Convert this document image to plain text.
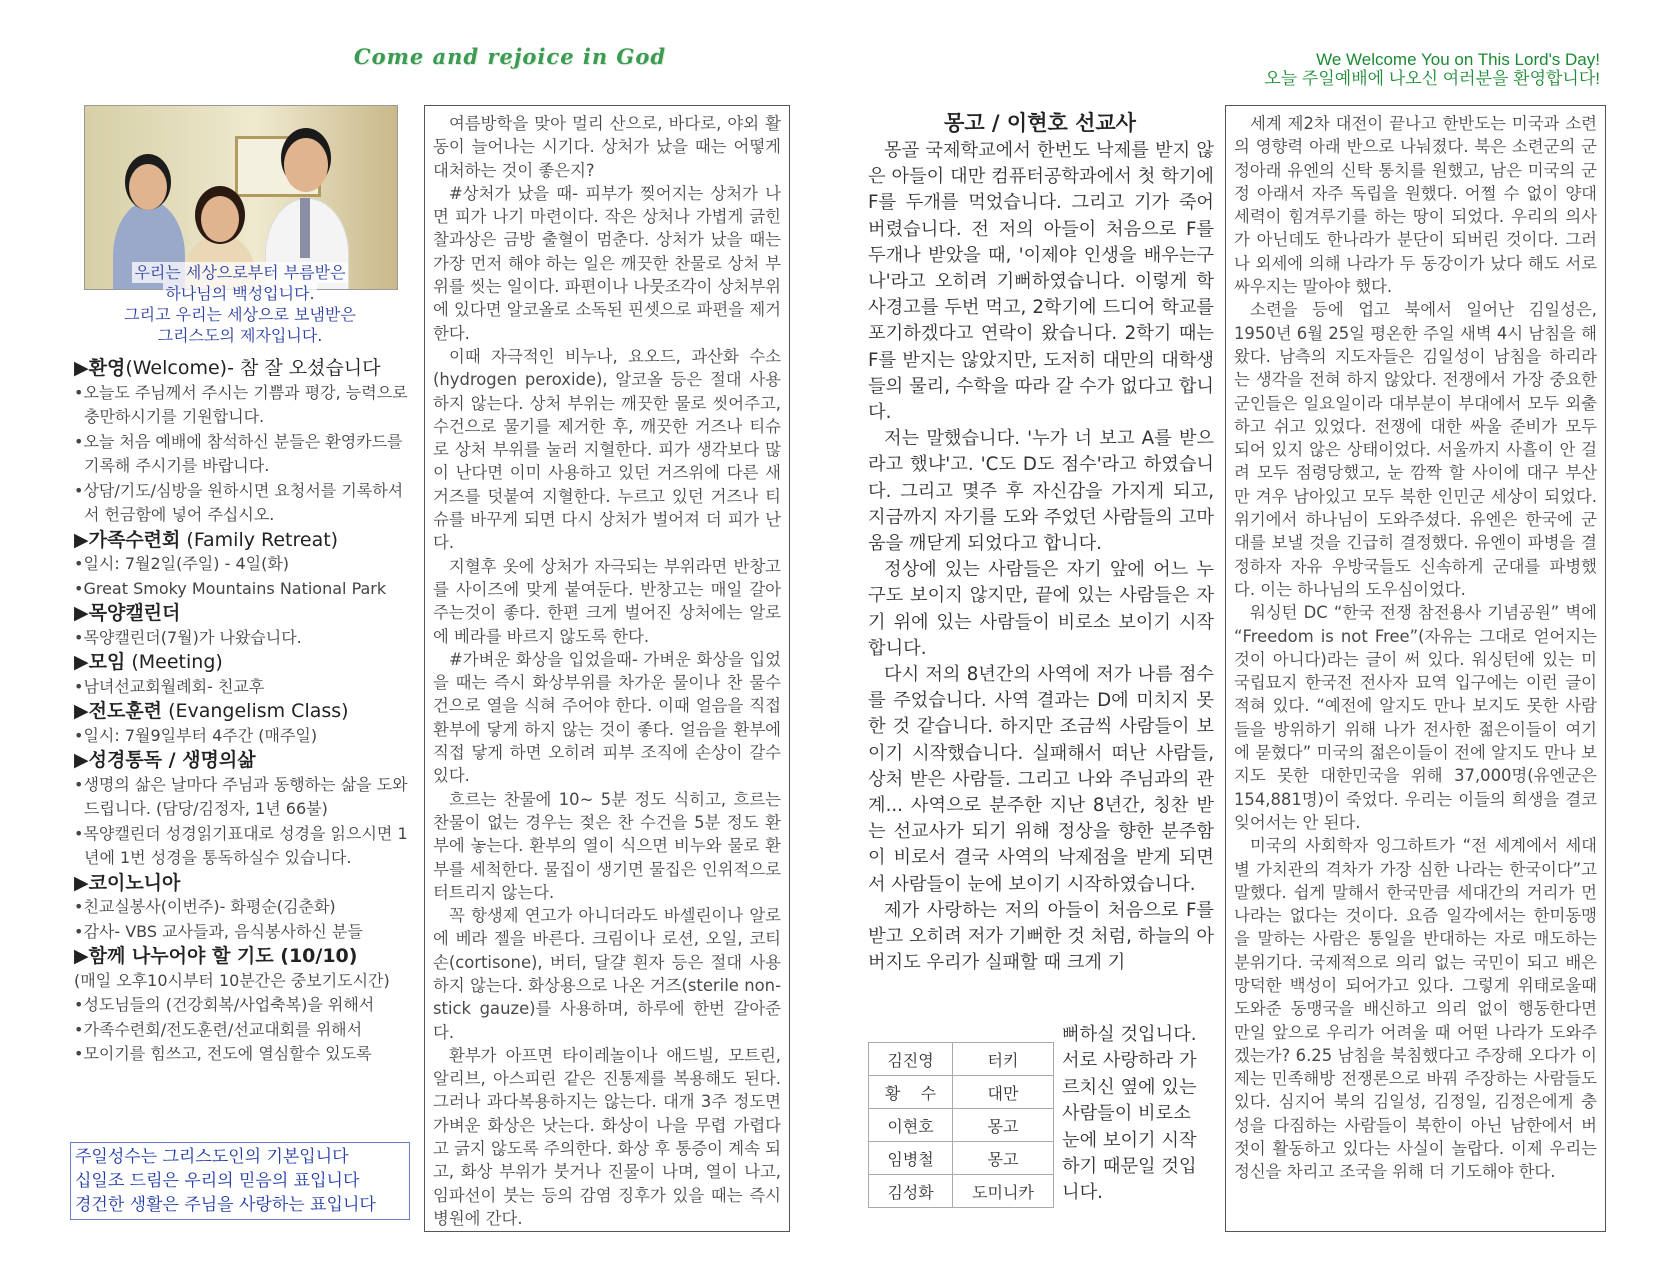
Come and rejoice in God	We Welcome You on This Lord's Day!
오늘 주일예배에 나오신 여러분을 환영합니다!
우리는 세상으로부터 부름받은
하나님의 백성입니다.
그리고 우리는 세상으로 보냄받은
그리스도의 제자입니다.
▶환영(Welcome)- 참 잘 오셨습니다
•오늘도 주님께서 주시는 기쁨과 평강, 능력으로 충만하시기를 기원합니다.
•오늘 처음 예배에 참석하신 분들은 환영카드를 기록해 주시기를 바랍니다.
•상담/기도/심방을 원하시면 요청서를 기록하셔서 헌금함에 넣어 주십시오.
▶가족수련회 (Family Retreat)
•일시: 7월2일(주일) - 4일(화)
•Great Smoky Mountains National Park
▶목양캘린더
•목양캘린더(7월)가 나왔습니다.
▶모임 (Meeting)
•남녀선교회월례회- 친교후
▶전도훈련 (Evangelism Class)
•일시: 7월9일부터 4주간 (매주일)
▶성경통독 / 생명의삶
•생명의 삶은 날마다 주님과 동행하는 삶을 도와드립니다. (담당/김정자, 1년 66불)
•목양캘린더 성경읽기표대로 성경을 읽으시면 1년에 1번 성경을 통독하실수 있습니다.
▶코이노니아
•친교실봉사(이번주)- 화평순(김춘화)
•감사- VBS 교사들과, 음식봉사하신 분들
▶함께 나누어야 할 기도 (10/10)
(매일 오후10시부터 10분간은 중보기도시간)
•성도님들의 (건강회복/사업축복)을 위해서
•가족수련회/전도훈련/선교대회를 위해서
•모이기를 힘쓰고, 전도에 열심할수 있도록
주일성수는 그리스도인의 기본입니다
십일조 드림은 우리의 믿음의 표입니다
경건한 생활은 주님을 사랑하는 표입니다

여름방학을 맞아 멀리 산으로, 바다로, 야외 활동이 늘어나는 시기다. 상처가 났을 때는 어떻게 대처하는 것이 좋은지?

#상처가 났을 때- 피부가 찢어지는 상처가 나면 피가 나기 마련이다. 작은 상처나 가볍게 긁힌 찰과상은 금방 출혈이 멈춘다. 상처가 났을 때는 가장 먼저 해야 하는 일은 깨끗한 찬물로 상처 부위를 씻는 일이다. 파편이나 나뭇조각이 상처부위에 있다면 알코올로 소독된 핀셋으로 파편을 제거한다.

이때 자극적인 비누나, 요오드, 과산화 수소(hydrogen peroxide), 알코올 등은 절대 사용하지 않는다. 상처 부위는 깨끗한 물로 씻어주고, 수건으로 물기를 제거한 후, 깨끗한 거즈나 티슈로 상처 부위를 눌러 지혈한다. 피가 생각보다 많이 난다면 이미 사용하고 있던 거즈위에 다른 새 거즈를 덧붙여 지혈한다. 누르고 있던 거즈나 티슈를 바꾸게 되면 다시 상처가 벌어져 더 피가 난다.

지혈후 옷에 상처가 자극되는 부위라면 반창고를 사이즈에 맞게 붙여둔다. 반창고는 매일 갈아주는것이 좋다. 한편 크게 벌어진 상처에는 알로에 베라를 바르지 않도록 한다.

#가벼운 화상을 입었을때- 가벼운 화상을 입었을 때는 즉시 화상부위를 차가운 물이나 찬 물수건으로 열을 식혀 주어야 한다. 이때 얼음을 직접 환부에 닿게 하지 않는 것이 좋다. 얼음을 환부에 직접 닿게 하면 오히려 피부 조직에 손상이 갈수 있다.

흐르는 찬물에 10~ 5분 정도 식히고, 흐르는 찬물이 없는 경우는 젖은 찬 수건을 5분 정도 환부에 놓는다. 환부의 열이 식으면 비누와 물로 환부를 세척한다. 물집이 생기면 물집은 인위적으로 터트리지 않는다.

꼭 항생제 연고가 아니더라도 바셀린이나 알로에 베라 젤을 바른다. 크림이나 로션, 오일, 코티손(cortisone), 버터, 달걀 흰자 등은 절대 사용하지 않는다. 화상용으로 나온 거즈(sterile non-stick gauze)를 사용하며, 하루에 한번 갈아준다.

환부가 아프면 타이레놀이나 애드빌, 모트린, 알리브, 아스피린 같은 진통제를 복용해도 된다. 그러나 과다복용하지는 않는다. 대개 3주 정도면 가벼운 화상은 낫는다. 화상이 나을 무렵 가렵다고 긁지 않도록 주의한다. 화상 후 통증이 계속 되고, 화상 부위가 붓거나 진물이 나며, 열이 나고, 임파선이 붓는 등의 감염 징후가 있을 때는 즉시 병원에 간다.

몽고 / 이현호 선교사

몽골 국제학교에서 한번도 낙제를 받지 않은 아들이 대만 컴퓨터공학과에서 첫 학기에 F를 두개를 먹었습니다. 그리고 기가 죽어 버렸습니다. 전 저의 아들이 처음으로 F를 두개나 받았을 때, '이제야 인생을 배우는구나'라고 오히려 기뻐하였습니다. 이렇게 학사경고를 두번 먹고, 2학기에 드디어 학교를 포기하겠다고 연락이 왔습니다. 2학기 때는 F를 받지는 않았지만, 도저히 대만의 대학생들의 물리, 수학을 따라 갈 수가 없다고 합니다.

저는 말했습니다. '누가 너 보고 A를 받으라고 했냐'고. 'C도 D도 점수'라고 하였습니다. 그리고 몇주 후 자신감을 가지게 되고, 지금까지 자기를 도와 주었던 사람들의 고마움을 깨닫게 되었다고 합니다.

정상에 있는 사람들은 자기 앞에 어느 누구도 보이지 않지만, 끝에 있는 사람들은 자기 위에 있는 사람들이 비로소 보이기 시작합니다.

다시 저의 8년간의 사역에 저가 나름 점수를 주었습니다. 사역 결과는 D에 미치지 못한 것 같습니다. 하지만 조금씩 사람들이 보이기 시작했습니다. 실패해서 떠난 사람들, 상처 받은 사람들. 그리고 나와 주님과의 관계... 사역으로 분주한 지난 8년간, 칭찬 받는 선교사가 되기 위해 정상을 향한 분주함이 비로서 결국 사역의 낙제점을 받게 되면서 사람들이 눈에 보이기 시작하였습니다.

제가 사랑하는 저의 아들이 처음으로 F를 받고 오히려 저가 기뻐한 것 처럼, 하늘의 아버지도 우리가 실패할 때 크게 기

뻐하실 것입니다. 서로 사랑하라 가르치신 옆에 있는 사람들이 비로소 눈에 보이기 시작하기 때문일 것입니다.
김진영	터키
황    수	대만
이현호	몽고
임병철	몽고
김성화	도미니카

세계 제2차 대전이 끝나고 한반도는 미국과 소련의 영향력 아래 반으로 나눠졌다. 북은 소련군의 군정아래 유엔의 신탁 통치를 원했고, 남은 미국의 군정 아래서 자주 독립을 원했다. 어쩔 수 없이 양대 세력이 힘겨루기를 하는 땅이 되었다. 우리의 의사가 아닌데도 한나라가 분단이 되버린 것이다. 그러나 외세에 의해 나라가 두 동강이가 났다 해도 서로 싸우지는 말아야 했다.

소련을 등에 업고 북에서 일어난 김일성은, 1950년 6월 25일 평온한 주일 새벽 4시 남침을 해 왔다. 남측의 지도자들은 김일성이 남침을 하리라는 생각을 전혀 하지 않았다. 전쟁에서 가장 중요한 군인들은 일요일이라 대부분이 부대에서 모두 외출하고 쉬고 있었다. 전쟁에 대한 싸울 준비가 모두 되어 있지 않은 상태이었다. 서울까지 사흘이 안 걸려 모두 점령당했고, 눈 깜짝 할 사이에 대구 부산만 겨우 남아있고 모두 북한 인민군 세상이 되었다. 위기에서 하나님이 도와주셨다. 유엔은 한국에 군대를 보낼 것을 긴급히 결정했다. 유엔이 파병을 결정하자 자유 우방국들도 신속하게 군대를 파병했다. 이는 하나님의 도우심이었다.

워싱턴 DC “한국 전쟁 참전용사 기념공원” 벽에 “Freedom is not Free”(자유는 그대로 얻어지는 것이 아니다)라는 글이 써 있다. 워싱턴에 있는 미 국립묘지 한국전 전사자 묘역 입구에는 이런 글이 적혀 있다. “예전에 알지도 만나 보지도 못한 사람들을 방위하기 위해 나가 전사한 젊은이들이 여기에 묻혔다” 미국의 젊은이들이 전에 알지도 만나 보지도 못한 대한민국을 위해 37,000명(유엔군은 154,881명)이 죽었다. 우리는 이들의 희생을 결코 잊어서는 안 된다.

미국의 사회학자 잉그하트가 “전 세계에서 세대별 가치관의 격차가 가장 심한 나라는 한국이다”고 말했다. 쉽게 말해서 한국만큼 세대간의 거리가 먼 나라는 없다는 것이다. 요즘 일각에서는 한미동맹을 말하는 사람은 통일을 반대하는 자로 매도하는 분위기다. 국제적으로 의리 없는 국민이 되고 배은망덕한 백성이 되어가고 있다. 그렇게 위태로울때 도와준 동맹국을 배신하고 의리 없이 행동한다면 만일 앞으로 우리가 어려울 때 어떤 나라가 도와주겠는가? 6.25 남침을 북침했다고 주장해 오다가 이제는 민족해방 전쟁론으로 바꿔 주장하는 사람들도 있다. 심지어 북의 김일성, 김정일, 김정은에게 충성을 다짐하는 사람들이 북한이 아닌 남한에서 버젓이 활동하고 있다는 사실이 놀랍다. 이제 우리는 정신을 차리고 조국을 위해 더 기도해야 한다.
